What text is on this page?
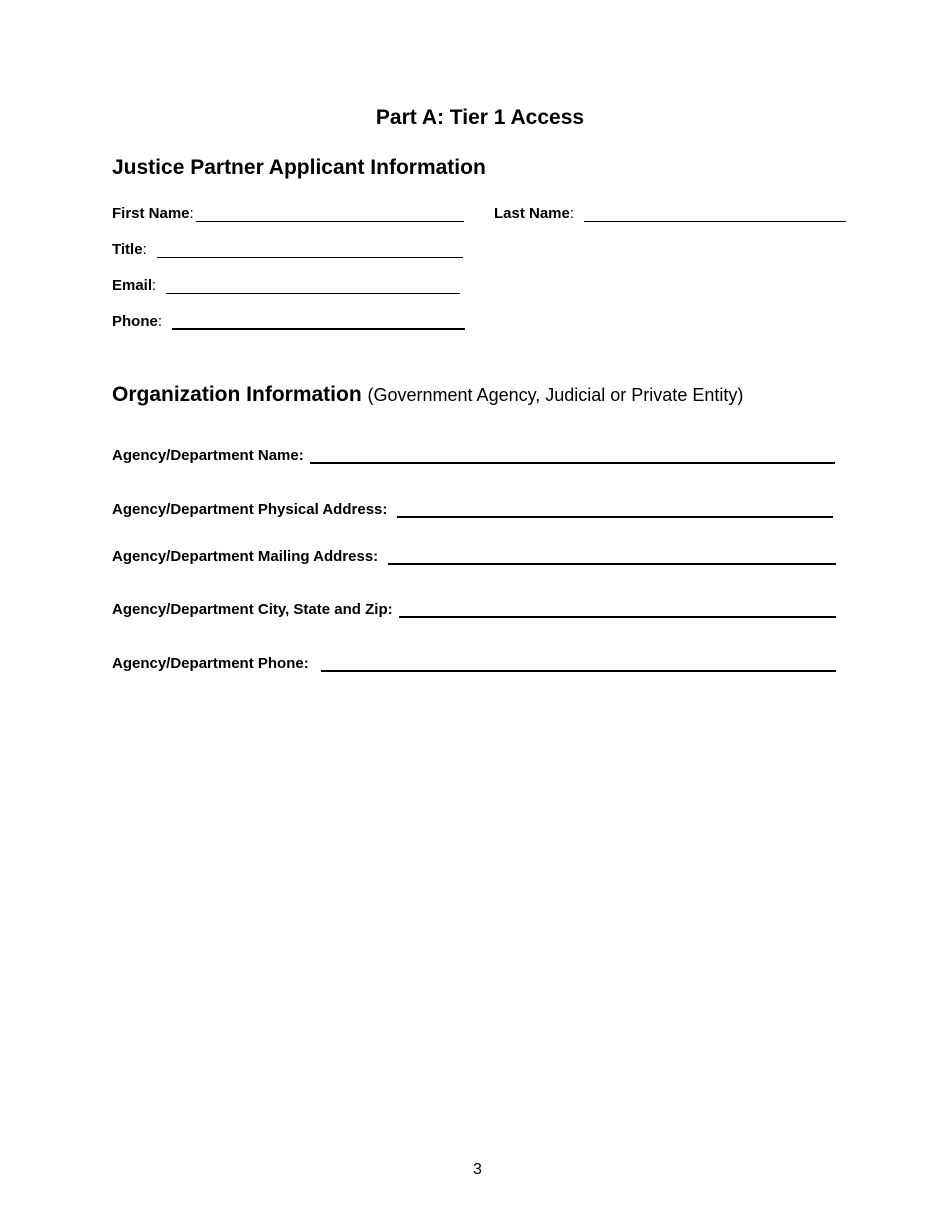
Part A: Tier 1 Access
Justice Partner Applicant Information
First Name :	Last Name :
Title :
Email :
Phone :
Organization Information (Government Agency, Judicial or Private Entity)
Agency/Department Name:
Agency/Department Physical Address:
Agency/Department Mailing Address:
Agency/Department City, State and Zip:
Agency/Department Phone:
3
